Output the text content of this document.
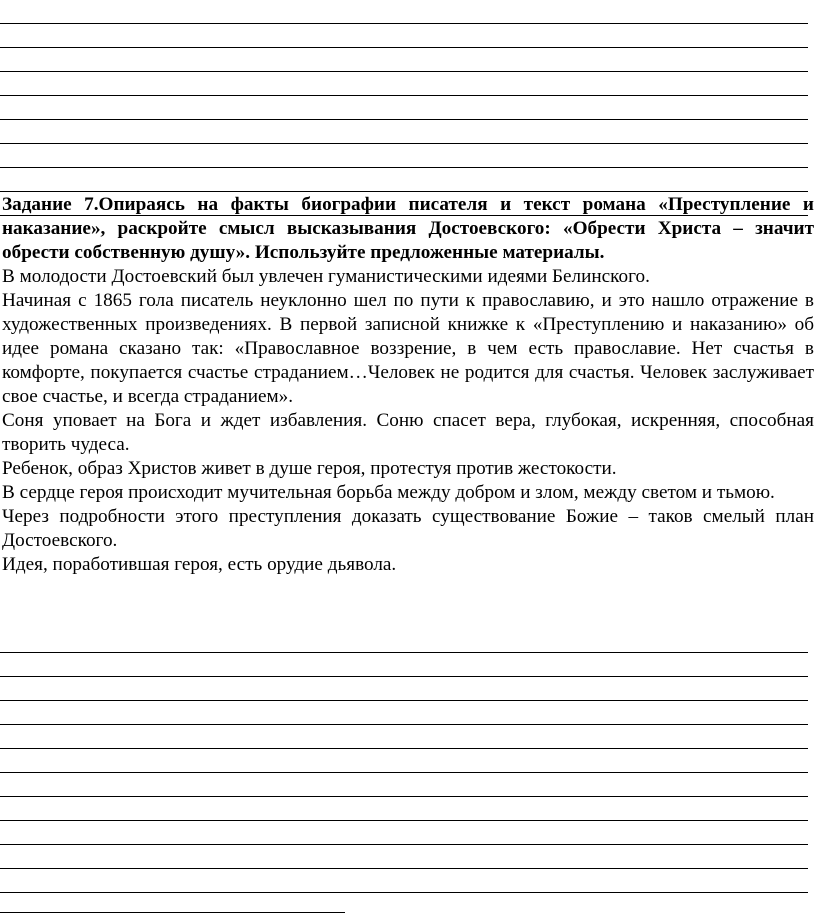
Задание 7.Опираясь на факты биографии писателя и текст романа «Преступление и наказание», раскройте смысл высказывания Достоевского: «Обрести Христа – значит обрести собственную душу». Используйте предложенные материалы.

В молодости Достоевский был увлечен гуманистическими идеями Белинского.

Начиная с 1865 гола писатель неуклонно шел по пути к православию, и это нашло отражение в художественных произведениях. В первой записной книжке к «Преступлению и наказанию» об идее романа сказано так: «Православное воззрение, в чем есть православие. Нет счастья в комфорте, покупается счастье страданием…Человек не родится для счастья. Человек заслуживает свое счастье, и всегда страданием».

Соня уповает на Бога и ждет избавления. Соню спасет вера, глубокая, искренняя, способная творить чудеса.

Ребенок, образ Христов живет в душе героя, протестуя против жестокости.

В сердце героя происходит мучительная борьба между добром и злом, между светом и тьмою.

Через подробности этого преступления доказать существование Божие – таков смелый план Достоевского.

Идея, поработившая героя, есть орудие дьявола.
